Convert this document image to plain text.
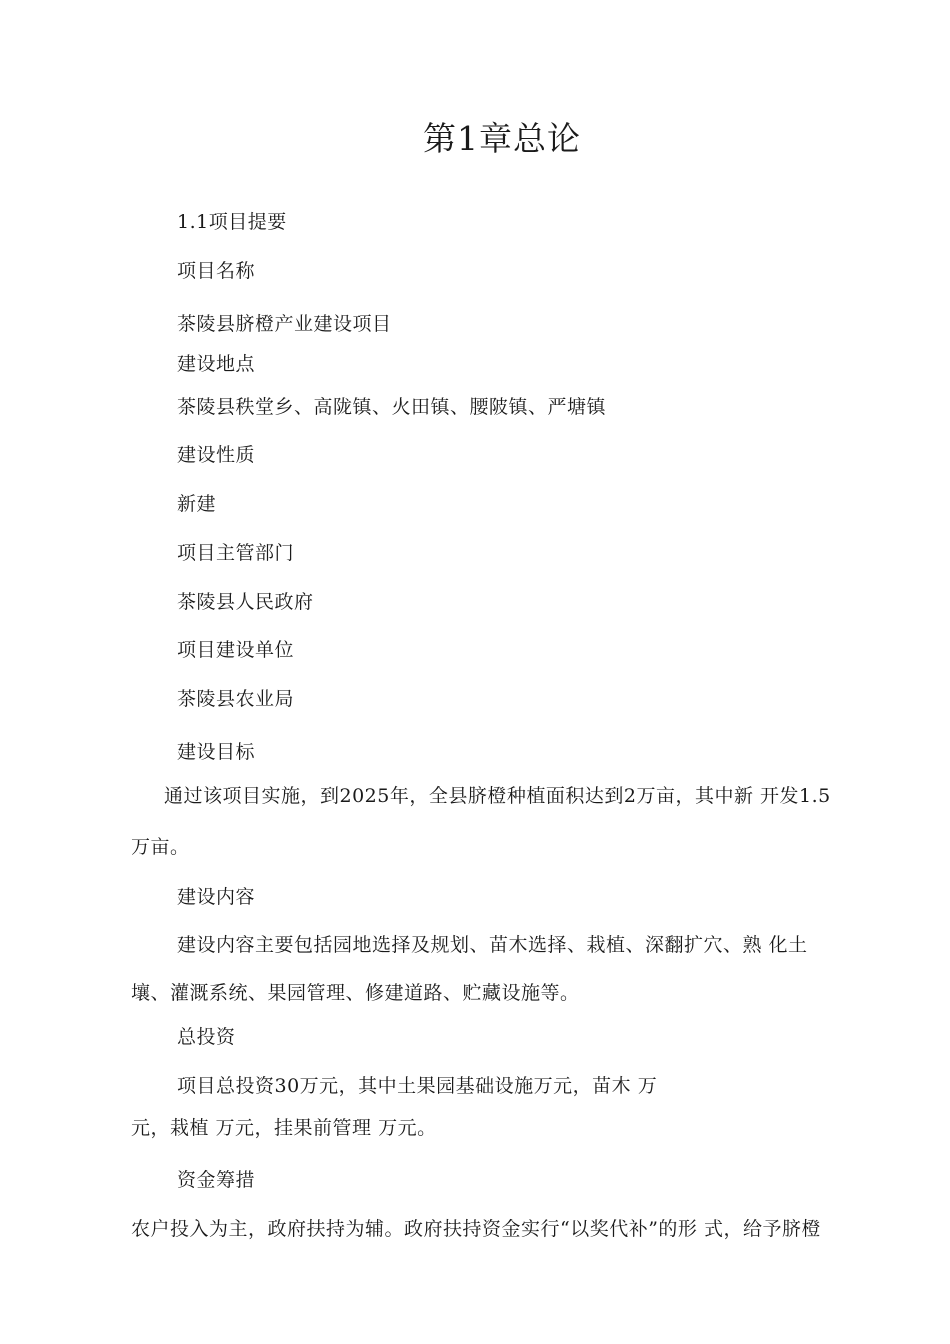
第1章总论
1.1项目提要
项目名称
茶陵县脐橙产业建设项目
建设地点
茶陵县秩堂乡、高陇镇、火田镇、腰陂镇、严塘镇
建设性质
新建
项目主管部门
茶陵县人民政府
项目建设单位
茶陵县农业局
建设目标
通过该项目实施，到2025年，全县脐橙种植面积达到2万亩，其中新 开发1.5
万亩。
建设内容
建设内容主要包括园地选择及规划、苗木选择、栽植、深翻扩穴、熟 化土
壤、灌溉系统、果园管理、修建道路、贮藏设施等。
总投资
项目总投资30万元，其中土果园基础设施万元，苗木 万
元，栽植 万元，挂果前管理 万元。
资金筹措
农户投入为主，政府扶持为辅。政府扶持资金实行“以奖代补”的形 式，给予脐橙
